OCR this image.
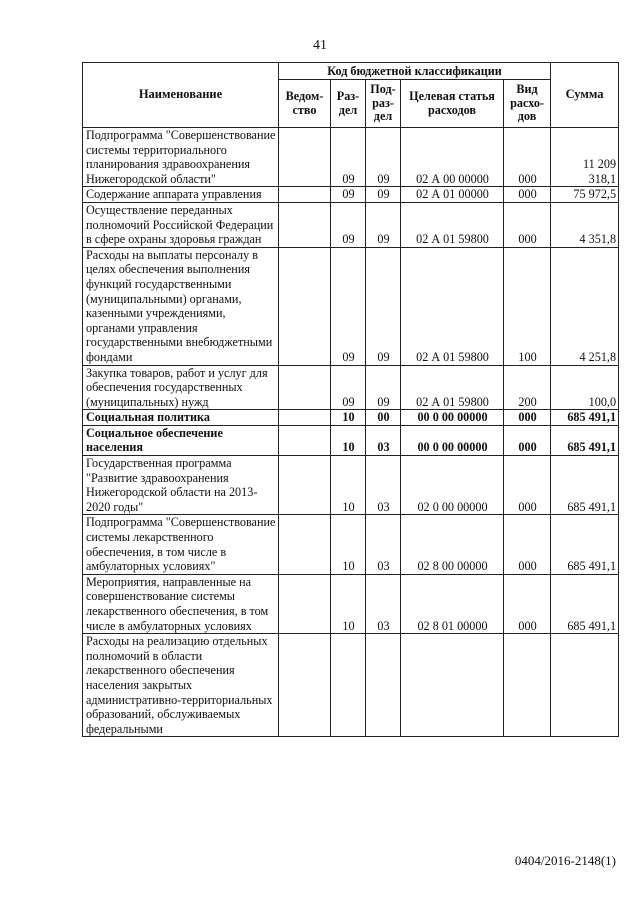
41
Наименование	Код бюджетной классификации					Сумма
	Ведом-ство	Раз-дел	Под-раз-дел	Целевая статья расходов	Вид расхо-дов	
Подпрограмма "Совершенствование системы территориального планирования здравоохранения Нижегородской области"		09	09	02 А 00 00000	000	11 209 318,1
Содержание аппарата управления		09	09	02 А 01 00000	000	75 972,5
Осуществление переданных полномочий Российской Федерации в сфере охраны здоровья граждан		09	09	02 А 01 59800	000	4 351,8
Расходы на выплаты персоналу в целях обеспечения выполнения функций государственными (муниципальными) органами, казенными учреждениями, органами управления государственными внебюджетными фондами		09	09	02 А 01 59800	100	4 251,8
Закупка товаров, работ и услуг для обеспечения государственных (муниципальных) нужд		09	09	02 А 01 59800	200	100,0
Социальная политика		10	00	00 0 00 00000	000	685 491,1
Социальное обеспечение населения		10	03	00 0 00 00000	000	685 491,1
Государственная программа "Развитие здравоохранения Нижегородской области на 2013-2020 годы"		10	03	02 0 00 00000	000	685 491,1
Подпрограмма "Совершенствование системы лекарственного обеспечения, в том числе в амбулаторных условиях"		10	03	02 8 00 00000	000	685 491,1
Мероприятия, направленные на совершенствование системы лекарственного обеспечения, в том числе в амбулаторных условиях		10	03	02 8 01 00000	000	685 491,1
Расходы на реализацию отдельных полномочий в области лекарственного обеспечения населения закрытых административно-территориальных образований, обслуживаемых федеральными						
0404/2016-2148(1)
